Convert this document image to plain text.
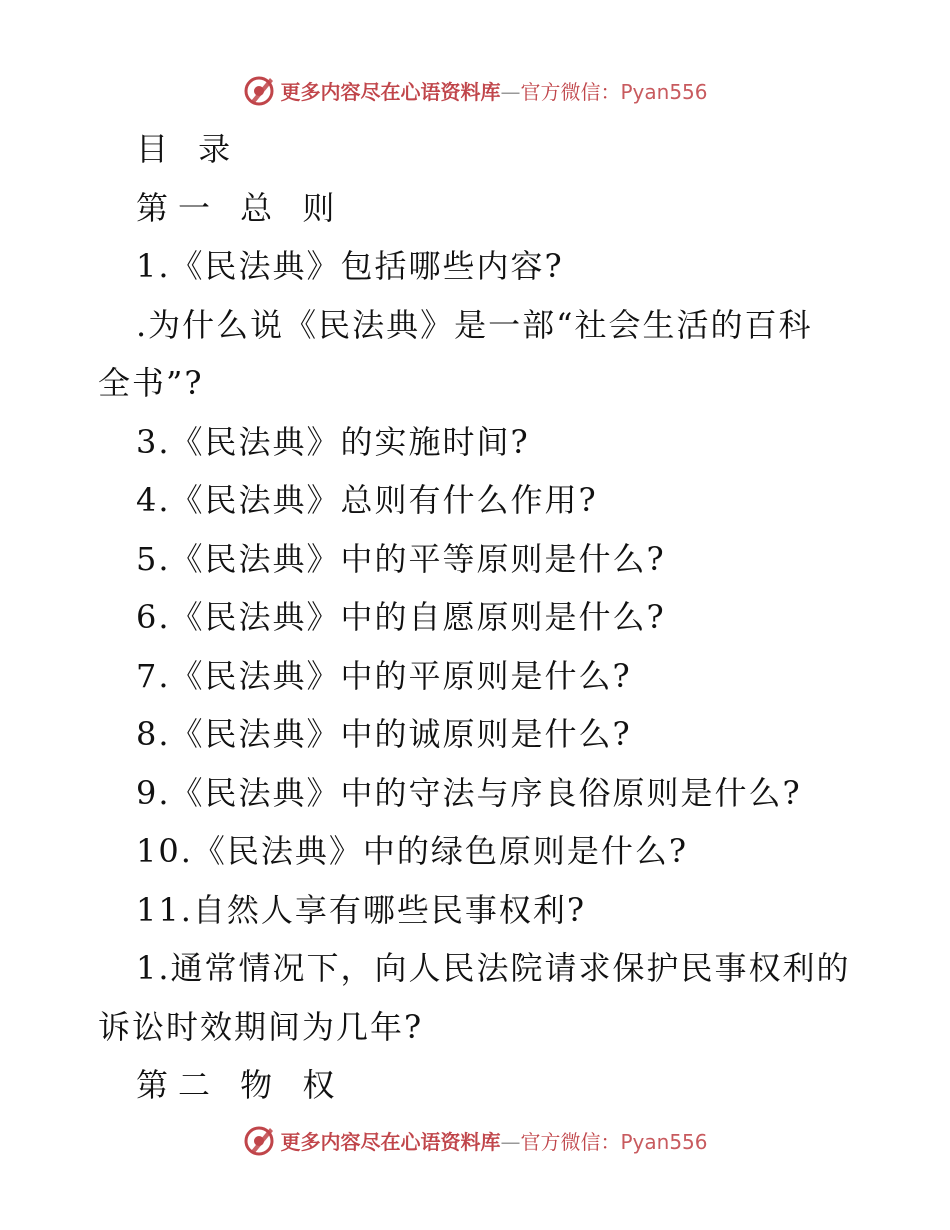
更多内容尽在心语资料库—官方微信：Pyan556
目 录
第一 总 则
1.《民法典》包括哪些内容?
.为什么说《民法典》是一部“社会生活的百科
全书”?
3.《民法典》的实施时间?
4.《民法典》总则有什么作用?
5.《民法典》中的平等原则是什么?
6.《民法典》中的自愿原则是什么?
7.《民法典》中的平原则是什么?
8.《民法典》中的诚原则是什么?
9.《民法典》中的守法与序良俗原则是什么?
10.《民法典》中的绿色原则是什么?
11.自然人享有哪些民事权利?
1.通常情况下，向人民法院请求保护民事权利的
诉讼时效期间为几年?
第二 物 权
更多内容尽在心语资料库—官方微信：Pyan556
